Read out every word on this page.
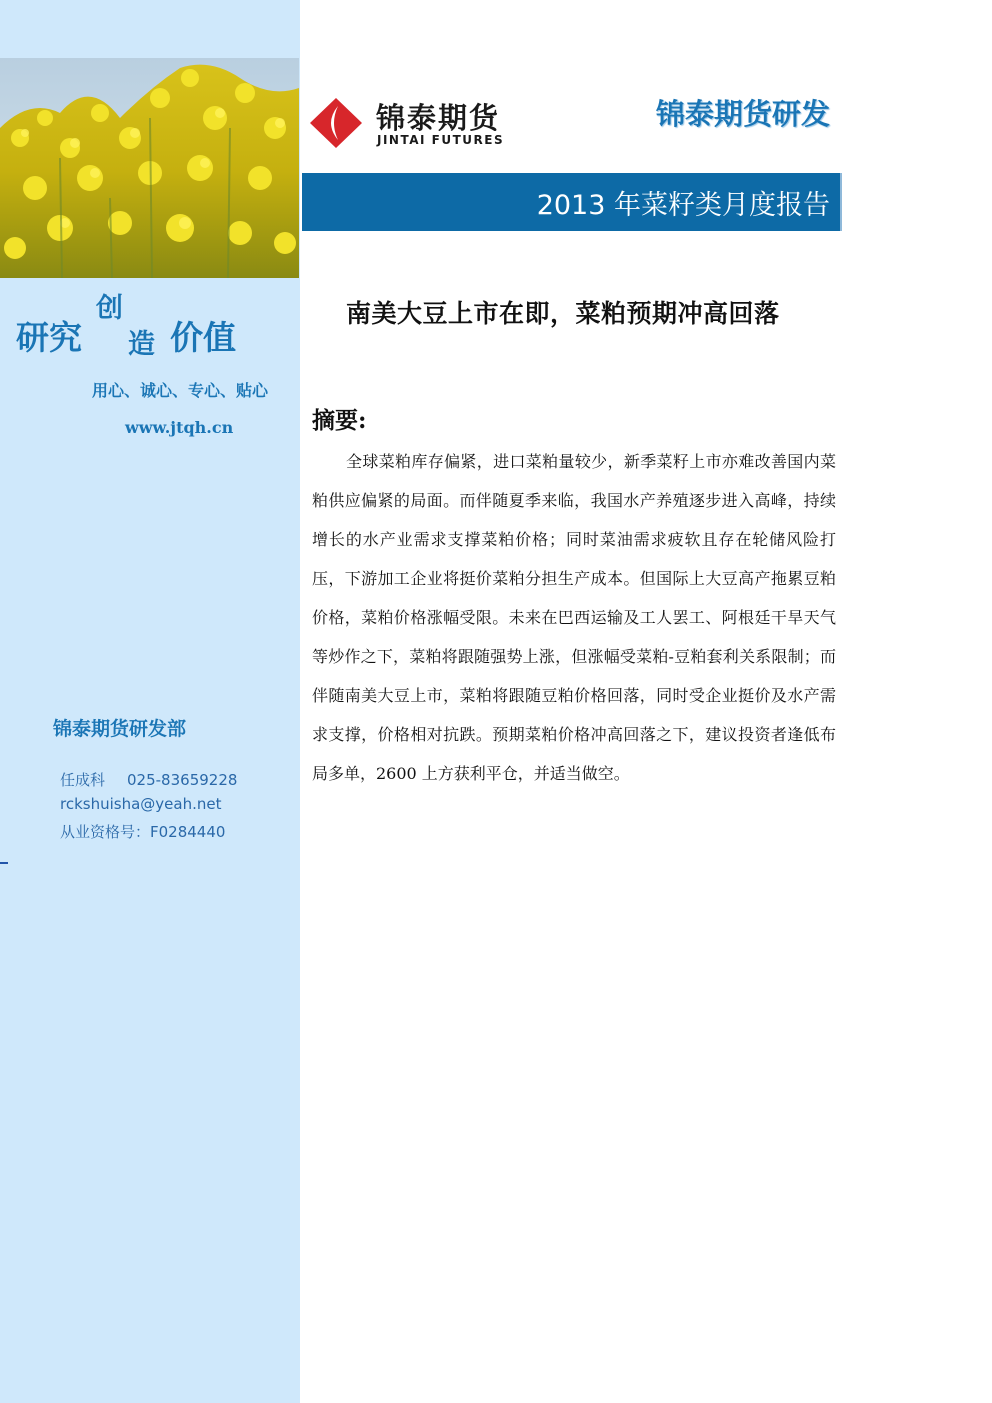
研究
创
造 价值
用心、诚心、专心、贴心
www.jtqh.cn
锦泰期货研发部
任成科 025-83659228
rckshuisha@yeah.net
从业资格号：F0284440
锦泰期货
JINTAI FUTURES
锦泰期货研发
2013 年菜籽类月度报告
南美大豆上市在即，菜粕预期冲高回落
摘要:
全球菜粕库存偏紧，进口菜粕量较少，新季菜籽上市亦难改善国内菜粕供应偏紧的局面。而伴随夏季来临，我国水产养殖逐步进入高峰，持续增长的水产业需求支撑菜粕价格；同时菜油需求疲软且存在轮储风险打压，下游加工企业将挺价菜粕分担生产成本。但国际上大豆高产拖累豆粕价格，菜粕价格涨幅受限。未来在巴西运输及工人罢工、阿根廷干旱天气等炒作之下，菜粕将跟随强势上涨，但涨幅受菜粕-豆粕套利关系限制；而伴随南美大豆上市，菜粕将跟随豆粕价格回落，同时受企业挺价及水产需求支撑，价格相对抗跌。预期菜粕价格冲高回落之下，建议投资者逢低布局多单，2600 上方获利平仓，并适当做空。
